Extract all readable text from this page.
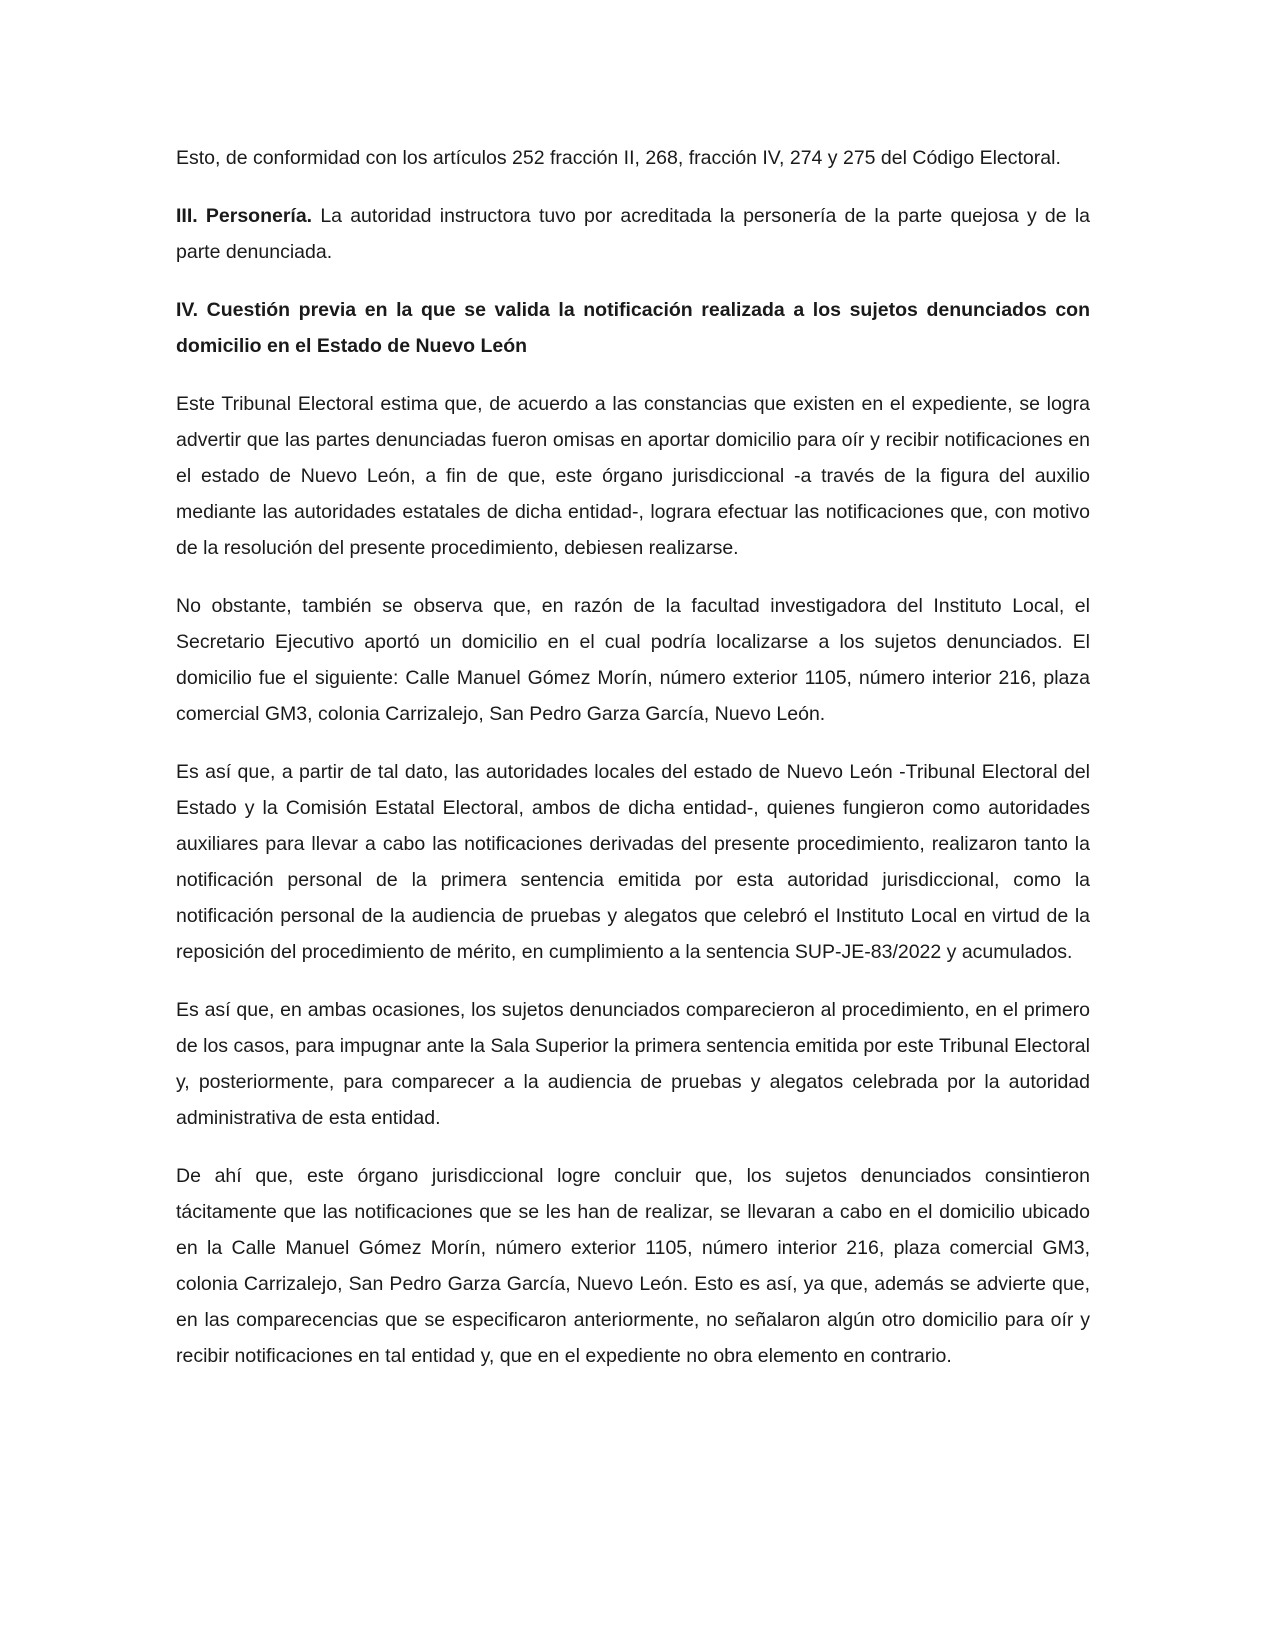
Esto, de conformidad con los artículos 252 fracción II, 268, fracción IV, 274 y 275 del Código Electoral.

III. Personería. La autoridad instructora tuvo por acreditada la personería de la parte quejosa y de la parte denunciada.

IV. Cuestión previa en la que se valida la notificación realizada a los sujetos denunciados con domicilio en el Estado de Nuevo León

Este Tribunal Electoral estima que, de acuerdo a las constancias que existen en el expediente, se logra advertir que las partes denunciadas fueron omisas en aportar domicilio para oír y recibir notificaciones en el estado de Nuevo León, a fin de que, este órgano jurisdiccional -a través de la figura del auxilio mediante las autoridades estatales de dicha entidad-, lograra efectuar las notificaciones que, con motivo de la resolución del presente procedimiento, debiesen realizarse.

No obstante, también se observa que, en razón de la facultad investigadora del Instituto Local, el Secretario Ejecutivo aportó un domicilio en el cual podría localizarse a los sujetos denunciados. El domicilio fue el siguiente: Calle Manuel Gómez Morín, número exterior 1105, número interior 216, plaza comercial GM3, colonia Carrizalejo, San Pedro Garza García, Nuevo León.

Es así que, a partir de tal dato, las autoridades locales del estado de Nuevo León -Tribunal Electoral del Estado y la Comisión Estatal Electoral, ambos de dicha entidad-, quienes fungieron como autoridades auxiliares para llevar a cabo las notificaciones derivadas del presente procedimiento, realizaron tanto la notificación personal de la primera sentencia emitida por esta autoridad jurisdiccional, como la notificación personal de la audiencia de pruebas y alegatos que celebró el Instituto Local en virtud de la reposición del procedimiento de mérito, en cumplimiento a la sentencia SUP-JE-83/2022 y acumulados.

Es así que, en ambas ocasiones, los sujetos denunciados comparecieron al procedimiento, en el primero de los casos, para impugnar ante la Sala Superior la primera sentencia emitida por este Tribunal Electoral y, posteriormente, para comparecer a la audiencia de pruebas y alegatos celebrada por la autoridad administrativa de esta entidad.

De ahí que, este órgano jurisdiccional logre concluir que, los sujetos denunciados consintieron tácitamente que las notificaciones que se les han de realizar, se llevaran a cabo en el domicilio ubicado en la Calle Manuel Gómez Morín, número exterior 1105, número interior 216, plaza comercial GM3, colonia Carrizalejo, San Pedro Garza García, Nuevo León. Esto es así, ya que, además se advierte que, en las comparecencias que se especificaron anteriormente, no señalaron algún otro domicilio para oír y recibir notificaciones en tal entidad y, que en el expediente no obra elemento en contrario.
